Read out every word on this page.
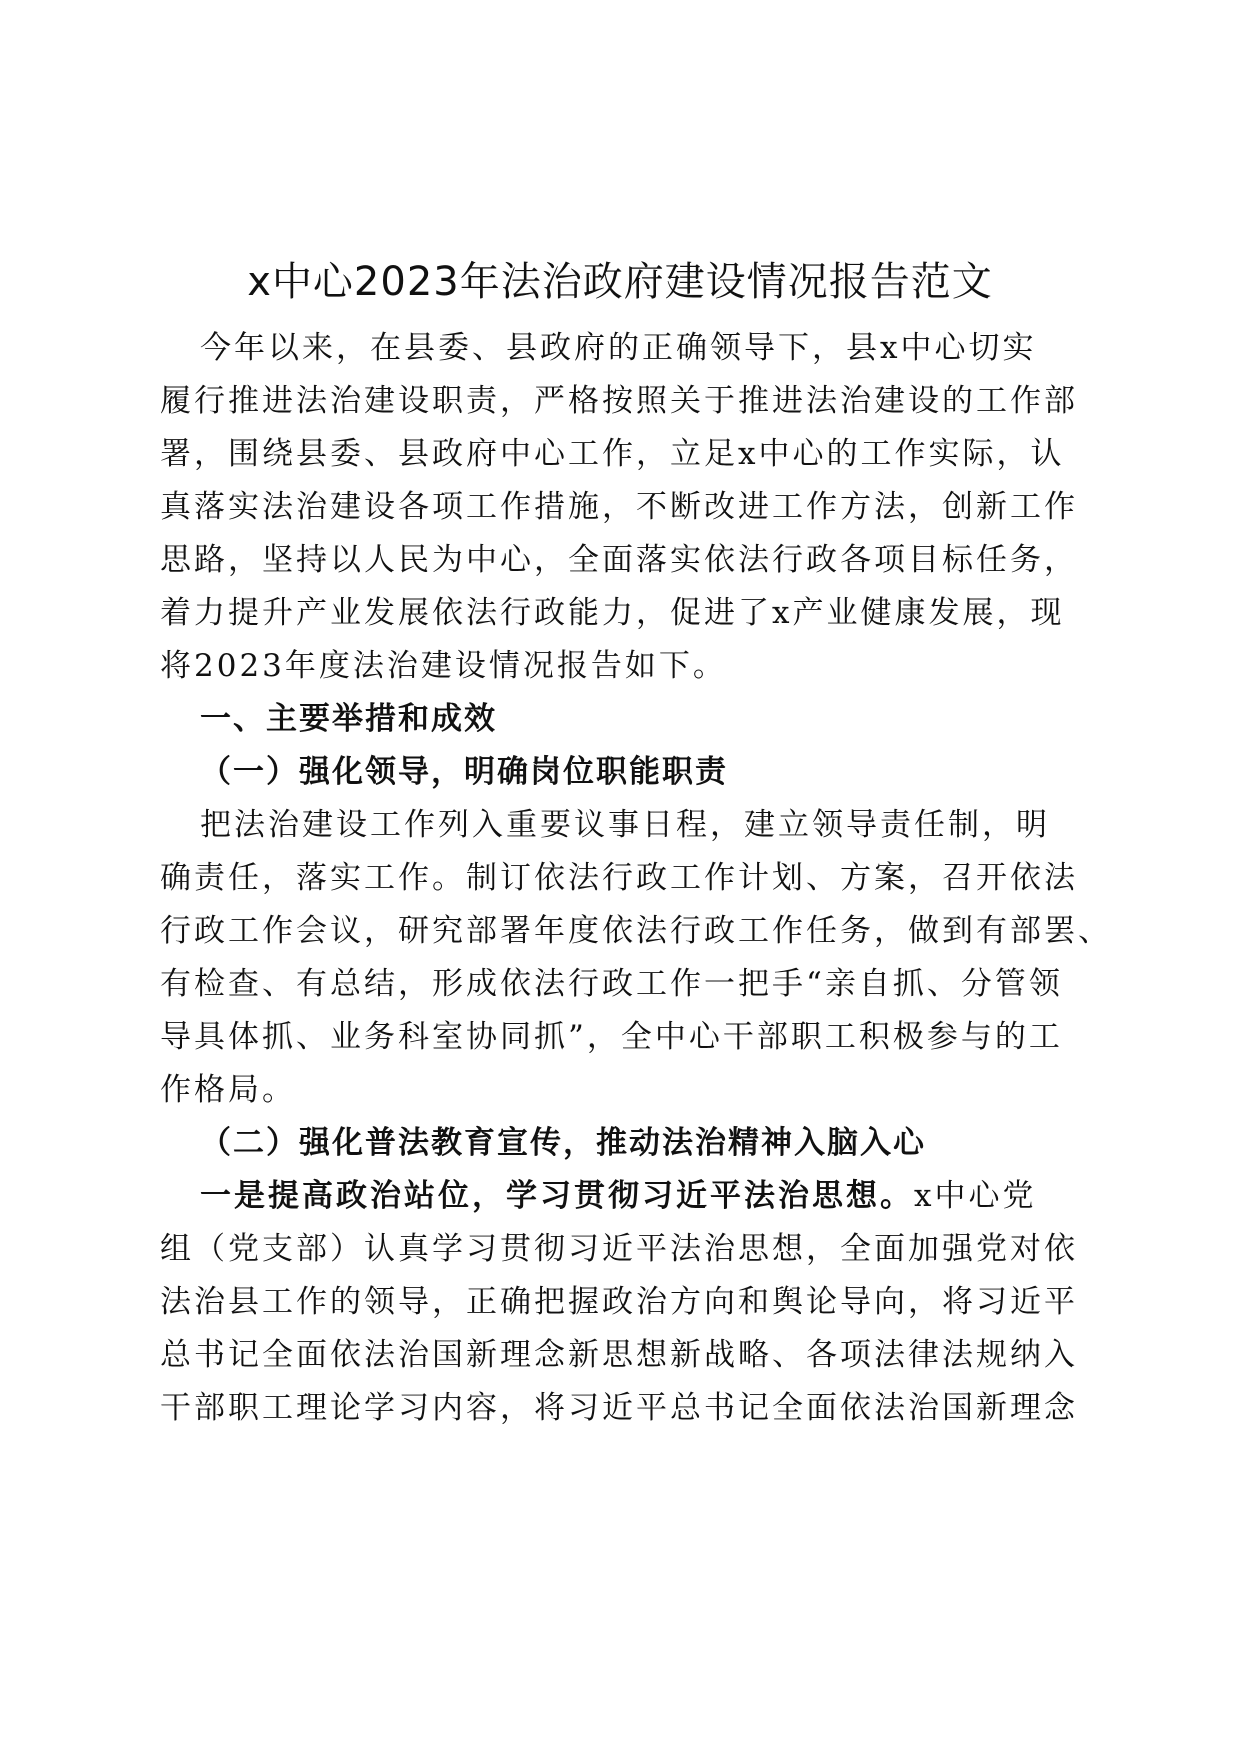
x中心2023年法治政府建设情况报告范文
今年以来，在县委、县政府的正确领导下，县x中心切实
履行推进法治建设职责，严格按照关于推进法治建设的工作部
署，围绕县委、县政府中心工作，立足x中心的工作实际，认
真落实法治建设各项工作措施，不断改进工作方法，创新工作
思路，坚持以人民为中心，全面落实依法行政各项目标任务，
着力提升产业发展依法行政能力，促进了x产业健康发展，现
将2023年度法治建设情况报告如下。
一、主要举措和成效
（一）强化领导，明确岗位职能职责
把法治建设工作列入重要议事日程，建立领导责任制，明
确责任，落实工作。制订依法行政工作计划、方案，召开依法
行政工作会议，研究部署年度依法行政工作任务，做到有部罢、
有检查、有总结，形成依法行政工作一把手“亲自抓、分管领
导具体抓、业务科室协同抓”，全中心干部职工积极参与的工
作格局。
（二）强化普法教育宣传，推动法治精神入脑入心
一是提高政治站位，学习贯彻习近平法治思想。x中心党
组（党支部）认真学习贯彻习近平法治思想，全面加强党对依
法治县工作的领导，正确把握政治方向和舆论导向，将习近平
总书记全面依法治国新理念新思想新战略、各项法律法规纳入
干部职工理论学习内容，将习近平总书记全面依法治国新理念
